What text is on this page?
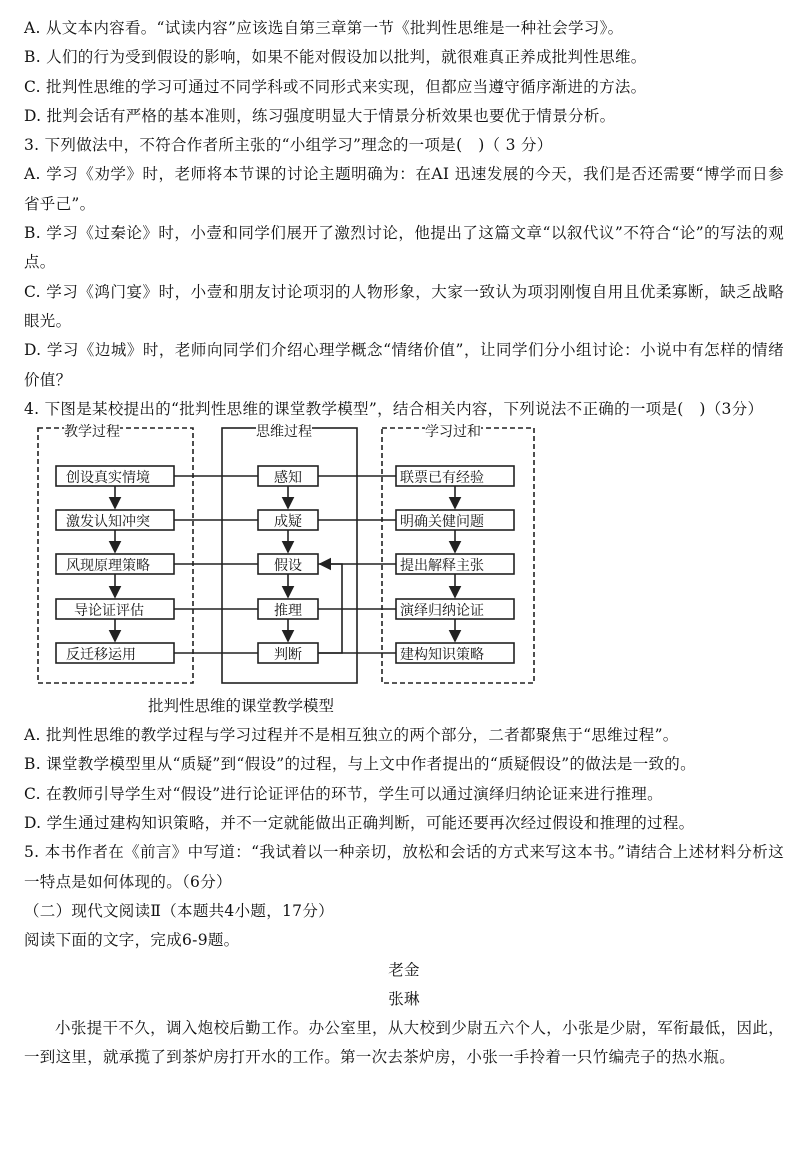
A. 从文本内容看。“试读内容”应该选自第三章第一节《批判性思维是一种社会学习》。
B. 人们的行为受到假设的影响，如果不能对假设加以批判，就很难真正养成批判性思维。
C. 批判性思维的学习可通过不同学科或不同形式来实现，但都应当遵守循序渐进的方法。
D. 批判会话有严格的基本准则，练习强度明显大于情景分析效果也要优于情景分析。
3. 下列做法中，不符合作者所主张的“小组学习”理念的一项是(　)（ 3 分）
A. 学习《劝学》时，老师将本节课的讨论主题明确为：在AI 迅速发展的今天，我们是否还需要“博学而日参省乎己”。
B. 学习《过秦论》时，小壹和同学们展开了激烈讨论，他提出了这篇文章“以叙代议”不符合“论”的写法的观点。
C. 学习《鸿门宴》时，小壹和朋友讨论项羽的人物形象，大家一致认为项羽刚愎自用且优柔寡断，缺乏战略眼光。
D. 学习《边城》时，老师向同学们介绍心理学概念“情绪价值”，让同学们分小组讨论：小说中有怎样的情绪价值？
4. 下图是某校提出的“批判性思维的课堂教学模型”，结合相关内容，下列说法不正确的一项是(　)（3分）
教学过程	思维过程	学习过和
创设真实情境
激发认知冲突
风现原理策略
导论证评估
反迁移运用
感知
成疑
假设
推理
判断
联票已有经验
明确关健问题
提出解释主张
演绎归纳论证
建构知识策略
批判性思维的课堂教学模型
A. 批判性思维的教学过程与学习过程并不是相互独立的两个部分，二者都聚焦于“思维过程”。
B. 课堂教学模型里从“质疑”到“假设”的过程，与上文中作者提出的“质疑假设”的做法是一致的。
C. 在教师引导学生对“假设”进行论证评估的环节，学生可以通过演绎归纳论证来进行推理。
D. 学生通过建构知识策略，并不一定就能做出正确判断，可能还要再次经过假设和推理的过程。
5. 本书作者在《前言》中写道：“我试着以一种亲切，放松和会话的方式来写这本书。”请结合上述材料分析这一特点是如何体现的。（6分）
（二）现代文阅读Ⅱ（本题共4小题，17分）
阅读下面的文字，完成6-9题。
老金
张琳
小张提干不久，调入炮校后勤工作。办公室里，从大校到少尉五六个人，小张是少尉，军衔最低，因此，一到这里，就承揽了到茶炉房打开水的工作。第一次去茶炉房，小张一手拎着一只竹编壳子的热水瓶。
